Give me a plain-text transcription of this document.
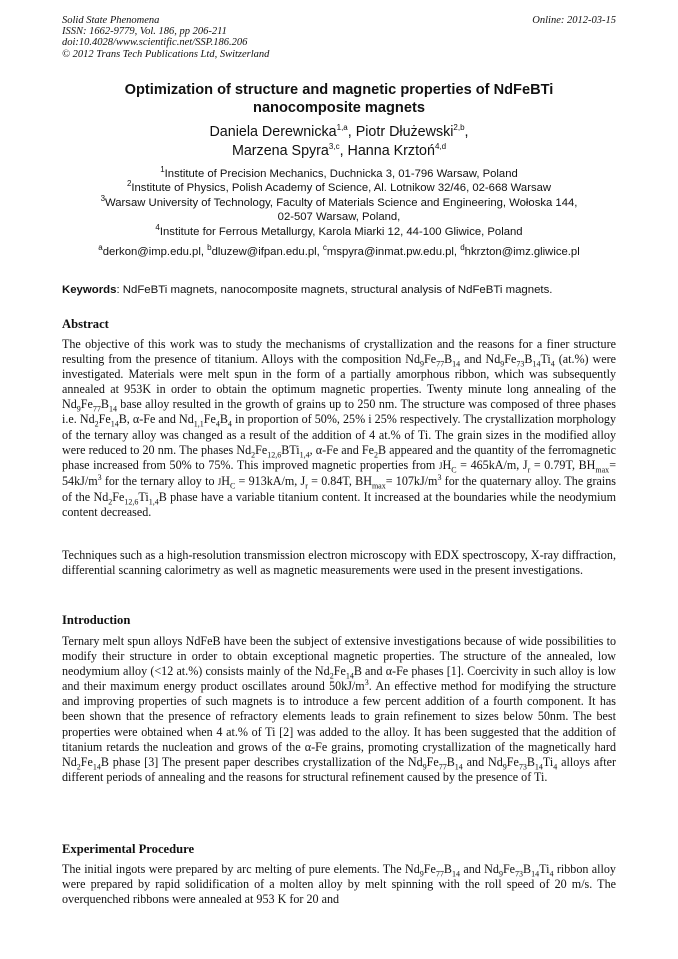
Solid State Phenomena
ISSN: 1662-9779, Vol. 186, pp 206-211
doi:10.4028/www.scientific.net/SSP.186.206
© 2012 Trans Tech Publications Ltd, Switzerland
Online: 2012-03-15
Optimization of structure and magnetic properties of NdFeBTi
nanocomposite magnets
Daniela Derewnicka$^{1,a}$, Piotr Dłużewski$^{2,b}$,
Marzena Spyra$^{3,c}$, Hanna Krztoń$^{4,d}$
$^1$Institute of Precision Mechanics, Duchnicka 3, 01-796 Warsaw, Poland
$^2$Institute of Physics, Polish Academy of Science, Al. Lotnikow 32/46, 02-668 Warsaw
$^3$Warsaw University of Technology, Faculty of Materials Science and Engineering, Wołoska 144,
02-507 Warsaw, Poland,
$^4$Institute for Ferrous Metallurgy, Karola Miarki 12, 44-100 Gliwice, Poland
$^a$derkon@imp.edu.pl, $^b$dluzew@ifpan.edu.pl, $^c$mspyra@inmat.pw.edu.pl, $^d$hkrzton@imz.gliwice.pl
Keywords: NdFeBTi magnets, nanocomposite magnets, structural analysis of NdFeBTi magnets.
Abstract

The objective of this work was to study the mechanisms of crystallization and the reasons for a finer structure resulting from the presence of titanium. Alloys with the composition $Nd_9Fe_{77}B_{14}$ and $Nd_9Fe_{73}B_{14}Ti_4$ (at.%) were investigated. Materials were melt spun in the form of a partially amorphous ribbon, which was subsequently annealed at 953K in order to obtain the optimum magnetic properties. Twenty minute long annealing of the $Nd_9Fe_{77}B_{14}$ base alloy resulted in the growth of grains up to 250 nm. The structure was composed of three phases i.e. $Nd_2Fe_{14}B$, α-Fe and $Nd_{1,1}Fe_4B_4$ in proportion of 50%, 25% i 25% respectively. The crystallization morphology of the ternary alloy was changed as a result of the addition of 4 at.% of Ti. The grain sizes in the modified alloy were reduced to 20 nm. The phases $Nd_2Fe_{12,6}BTi_{1,4}$, α-Fe and $Fe_2B$ appeared and the quantity of the ferromagnetic phase increased from 50% to 75%. This improved magnetic properties from $JH_C = 465kA/m$, $J_r = 0.79T$, $BH_{max}= 54kJ/m^3$ for the ternary alloy to $JH_C = 913kA/m$, $J_r = 0.84T$, $BH_{max}= 107kJ/m^3$ for the quaternary alloy. The grains of the $Nd_2Fe_{12,6}Ti_{1,4}B$ phase have a variable titanium content. It increased at the boundaries while the neodymium content decreased.

Techniques such as a high-resolution transmission electron microscopy with EDX spectroscopy, X-ray diffraction, differential scanning calorimetry as well as magnetic measurements were used in the present investigations.

Introduction

Ternary melt spun alloys NdFeB have been the subject of extensive investigations because of wide possibilities to modify their structure in order to obtain exceptional magnetic properties. The structure of the annealed, low neodymium alloy (<12 at.%) consists mainly of the $Nd_2Fe_{14}B$ and α-Fe phases [1]. Coercivity in such alloy is low and their maximum energy product oscillates around $50kJ/m^3$. An effective method for modifying the structure and improving properties of such magnets is to introduce a few percent addition of a fourth component. It has been shown that the presence of refractory elements leads to grain refinement to sizes below 50nm. The best properties were obtained when 4 at.% of Ti [2] was added to the alloy. It has been suggested that the addition of titanium retards the nucleation and grows of the α-Fe grains, promoting crystallization of the magnetically hard $Nd_2Fe_{14}B$ phase [3] The present paper describes crystallization of the $Nd_9Fe_{77}B_{14}$ and $Nd_9Fe_{73}B_{14}Ti_4$ alloys after different periods of annealing and the reasons for structural refinement caused by the presence of Ti.

Experimental Procedure

The initial ingots were prepared by arc melting of pure elements. The $Nd_9Fe_{77}B_{14}$ and $Nd_9Fe_{73}B_{14}Ti_4$ ribbon alloy were prepared by rapid solidification of a molten alloy by melt spinning with the roll speed of 20 m/s. The overquenched ribbons were annealed at 953 K for 20 and
